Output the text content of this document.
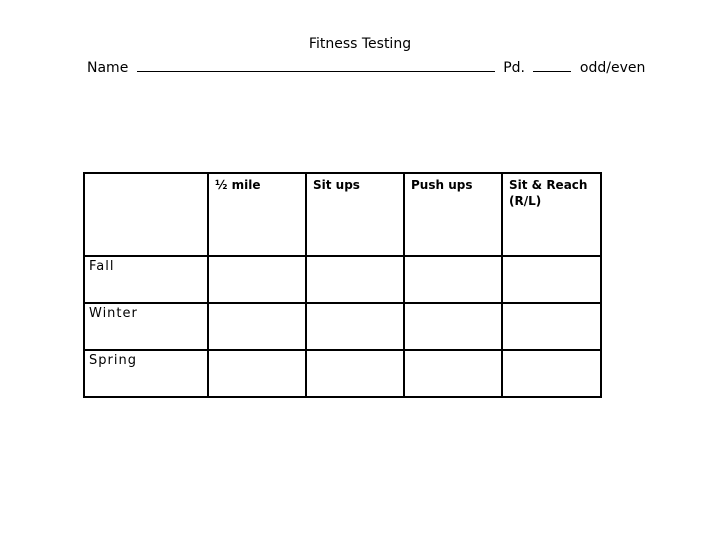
Fitness Testing
Name	Pd.	odd/even

	½ mile	Sit ups	Push ups	Sit & Reach (R/L)

Fall				

Winter				

Spring				
